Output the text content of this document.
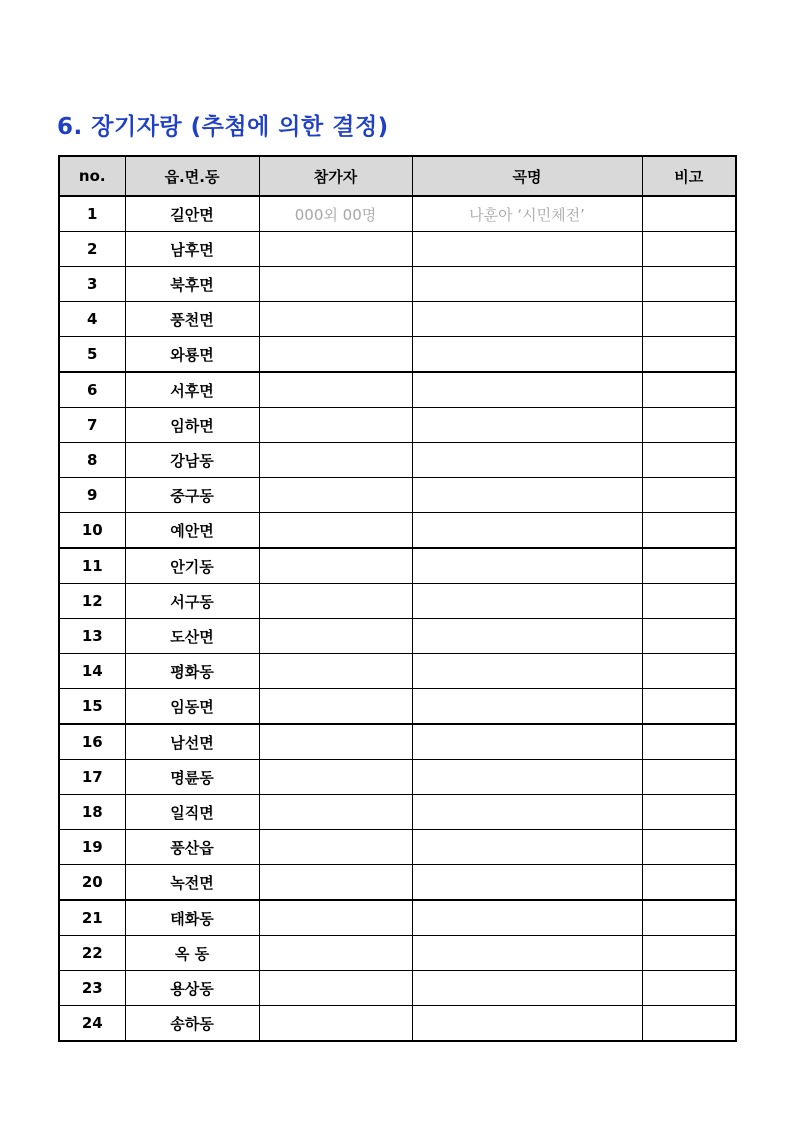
6. 장기자랑 (추첨에 의한 결정)
no.	읍.면.동	참가자	곡명	비고
1	길안면	000외 00명	나훈아 ‘시민체전’	
2	남후면			
3	북후면			
4	풍천면			
5	와룡면			
6	서후면			
7	임하면			
8	강남동			
9	중구동			
10	예안면			
11	안기동			
12	서구동			
13	도산면			
14	평화동			
15	임동면			
16	남선면			
17	명륜동			
18	일직면			
19	풍산읍			
20	녹전면			
21	태화동			
22	옥 동			
23	용상동			
24	송하동			
